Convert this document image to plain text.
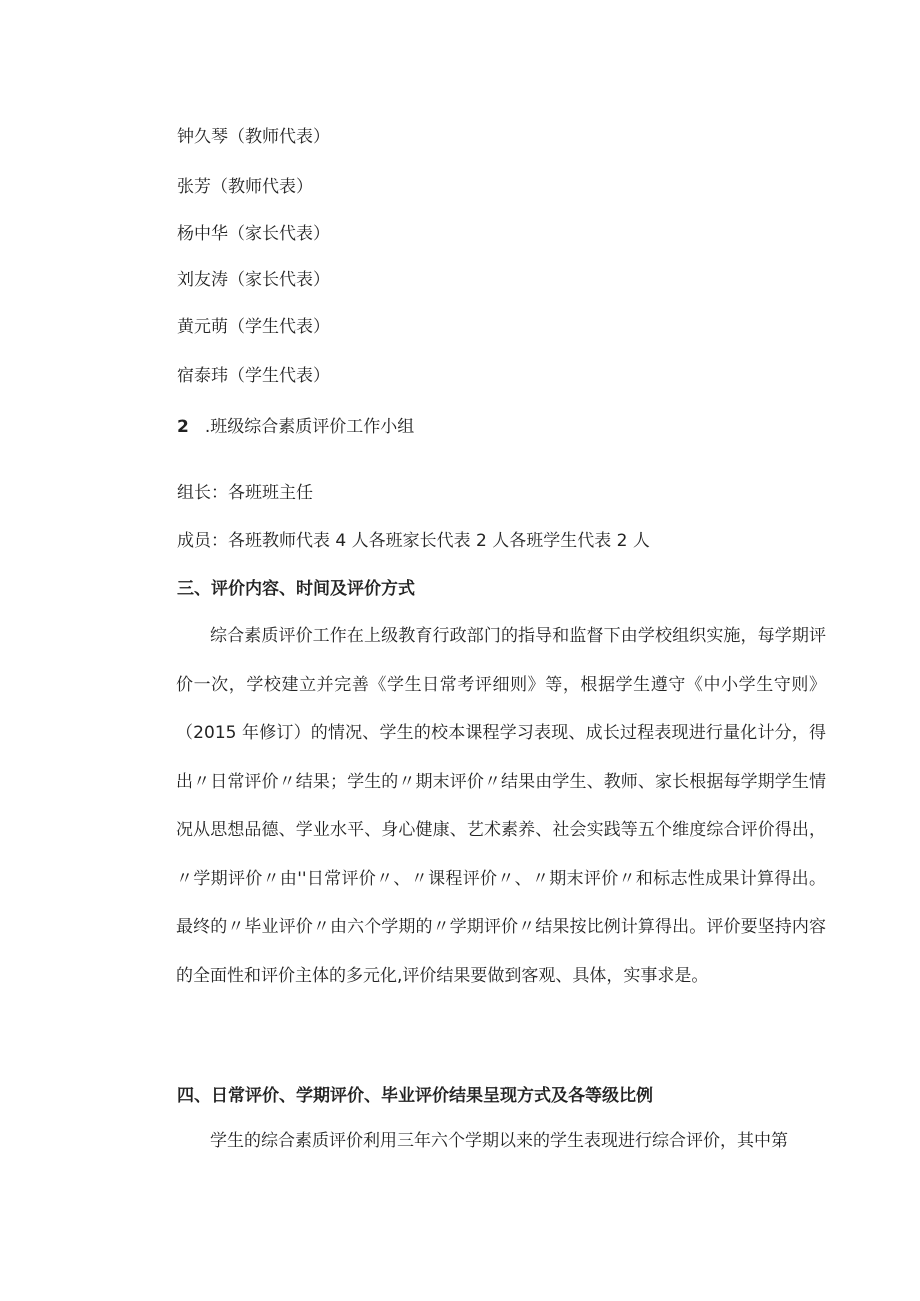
钟久琴（教师代表）
张芳（教师代表）
杨中华（家长代表）
刘友涛（家长代表）
黄元萌（学生代表）
宿泰玮（学生代表）
2 .班级综合素质评价工作小组
组长：各班班主任
成员：各班教师代表 4 人各班家长代表 2 人各班学生代表 2 人
三、评价内容、时间及评价方式

综合素质评价工作在上级教育行政部门的指导和监督下由学校组织实施，每学期评价一次，学校建立并完善《学生日常考评细则》等，根据学生遵守《中小学生守则》（2015 年修订）的情况、学生的校本课程学习表现、成长过程表现进行量化计分，得出〃日常评价〃结果；学生的〃期末评价〃结果由学生、教师、家长根据每学期学生情况从思想品德、学业水平、身心健康、艺术素养、社会实践等五个维度综合评价得出，〃学期评价〃由''日常评价〃、〃课程评价〃、〃期末评价〃和标志性成果计算得出。最终的〃毕业评价〃由六个学期的〃学期评价〃结果按比例计算得出。评价要坚持内容的全面性和评价主体的多元化,评价结果要做到客观、具体，实事求是。

四、日常评价、学期评价、毕业评价结果呈现方式及各等级比例

学生的综合素质评价利用三年六个学期以来的学生表现进行综合评价，其中第
